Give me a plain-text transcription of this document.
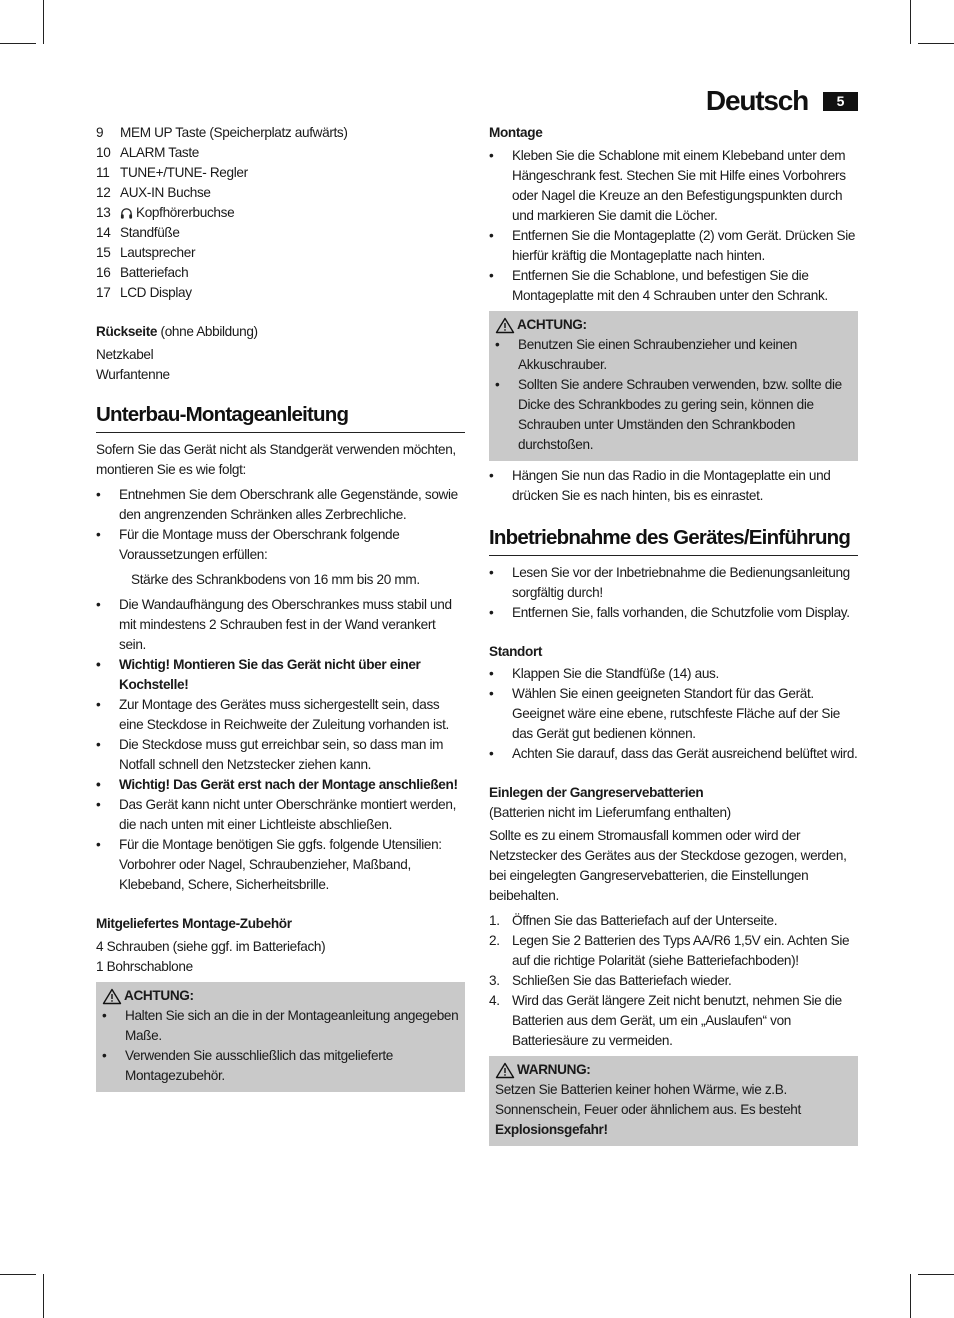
Deutsch	5
9	MEM UP Taste (Speicherplatz aufwärts)
10 ALARM Taste
11 TUNE+/TUNE- Regler
12 AUX-IN Buchse
13	Kopfhörerbuchse
14 Standfüße
15 Lautsprecher
16 Batteriefach
17 LCD Display

Rückseite (ohne Abbildung)

Netzkabel

Wurfantenne

Unterbau-Montageanleitung

Sofern Sie das Gerät nicht als Standgerät verwenden möchten, montieren Sie es wie folgt:

•	Entnehmen Sie dem Oberschrank alle Gegenstände, sowie den angrenzenden Schränken alles Zerbrechliche.
•	Für die Montage muss der Oberschrank folgende Voraussetzungen erfüllen:

Stärke des Schrankbodens von 16 mm bis 20 mm.

•	Die Wandaufhängung des Oberschrankes muss stabil und mit mindestens 2 Schrauben fest in der Wand verankert sein.
•	Wichtig! Montieren Sie das Gerät nicht über einer Kochstelle!
•	Zur Montage des Gerätes muss sichergestellt sein, dass eine Steckdose in Reichweite der Zuleitung vorhanden ist.
•	Die Steckdose muss gut erreichbar sein, so dass man im Notfall schnell den Netzstecker ziehen kann.
•	Wichtig! Das Gerät erst nach der Montage anschließen!
•	Das Gerät kann nicht unter Oberschränke montiert werden, die nach unten mit einer Lichtleiste abschließen.
•	Für die Montage benötigen Sie ggfs. folgende Utensilien: Vorbohrer oder Nagel, Schraubenzieher, Maßband, Klebeband, Schere, Sicherheitsbrille.

Mitgeliefertes Montage-Zubehör

4 Schrauben (siehe ggf. im Batteriefach)

1 Bohrschablone

ACHTUNG:
•	Halten Sie sich an die in der Montageanleitung angegeben Maße.
•	Verwenden Sie ausschließlich das mitgelieferte Montagezubehör.

Montage

•	Kleben Sie die Schablone mit einem Klebeband unter dem Hängeschrank fest. Stechen Sie mit Hilfe eines Vorbohrers oder Nagel die Kreuze an den Befestigungspunkten durch und markieren Sie damit die Löcher.
•	Entfernen Sie die Montageplatte (2) vom Gerät. Drücken Sie hierfür kräftig die Montageplatte nach hinten.
•	Entfernen Sie die Schablone, und befestigen Sie die Montageplatte mit den 4 Schrauben unter den Schrank.
ACHTUNG:
•	Benutzen Sie einen Schraubenzieher und keinen Akkuschrauber.
•	Sollten Sie andere Schrauben verwenden, bzw. sollte die Dicke des Schrankbodes zu gering sein, können die Schrauben unter Umständen den Schrankboden durchstoßen.
•	Hängen Sie nun das Radio in die Montageplatte ein und drücken Sie es nach hinten, bis es einrastet.
Inbetriebnahme des Gerätes/Einführung
•	Lesen Sie vor der Inbetriebnahme die Bedienungsanleitung sorgfältig durch!
•	Entfernen Sie, falls vorhanden, die Schutzfolie vom Display.

Standort

•	Klappen Sie die Standfüße (14) aus.
•	Wählen Sie einen geeigneten Standort für das Gerät. Geeignet wäre eine ebene, rutschfeste Fläche auf der Sie das Gerät gut bedienen können.
•	Achten Sie darauf, dass das Gerät ausreichend belüftet wird.

Einlegen der Gangreservebatterien

(Batterien nicht im Lieferumfang enthalten)

Sollte es zu einem Stromausfall kommen oder wird der Netzstecker des Gerätes aus der Steckdose gezogen, werden, bei eingelegten Gangreservebatterien, die Einstellungen beibehalten.

1. Öffnen Sie das Batteriefach auf der Unterseite.
2. Legen Sie 2 Batterien des Typs AA/R6 1,5V ein. Achten Sie auf die richtige Polarität (siehe Batteriefachboden)!
3. Schließen Sie das Batteriefach wieder.
4. Wird das Gerät längere Zeit nicht benutzt, nehmen Sie die Batterien aus dem Gerät, um ein „Auslaufen“ von Batteriesäure zu vermeiden.
WARNUNG:

Setzen Sie Batterien keiner hohen Wärme, wie z.B. Sonnenschein, Feuer oder ähnlichem aus. Es besteht Explosionsgefahr!
